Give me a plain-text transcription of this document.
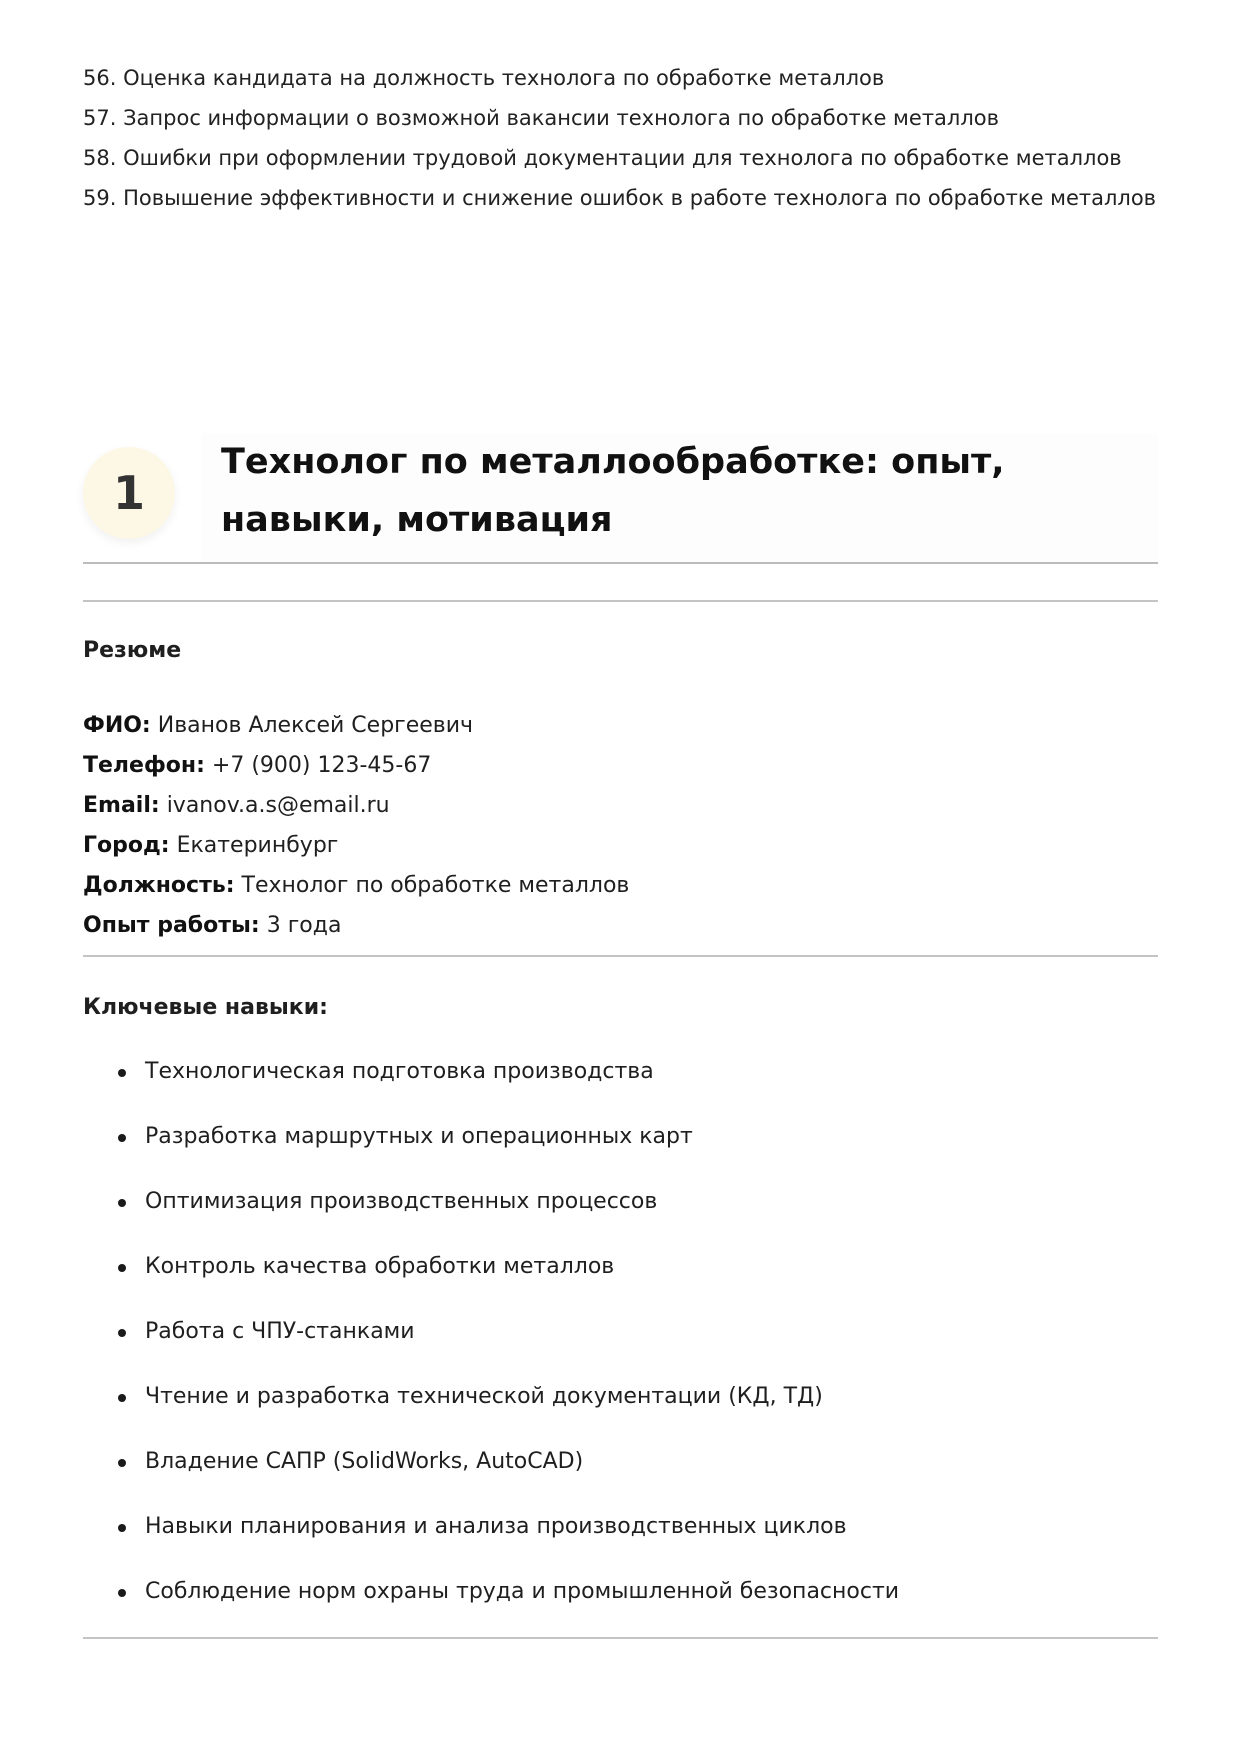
56. Оценка кандидата на должность технолога по обработке металлов
57. Запрос информации о возможной вакансии технолога по обработке металлов
58. Ошибки при оформлении трудовой документации для технолога по обработке металлов
59. Повышение эффективности и снижение ошибок в работе технолога по обработке металлов
1
Технолог по металлообработке: опыт, навыки, мотивация

Резюме

ФИО: Иванов Алексей Сергеевич
Телефон: +7 (900) 123-45-67
Email: ivanov.a.s@email.ru
Город: Екатеринбург
Должность: Технолог по обработке металлов
Опыт работы: 3 года

Ключевые навыки:

Технологическая подготовка производства
Разработка маршрутных и операционных карт
Оптимизация производственных процессов
Контроль качества обработки металлов
Работа с ЧПУ-станками
Чтение и разработка технической документации (КД, ТД)
Владение САПР (SolidWorks, AutoCAD)
Навыки планирования и анализа производственных циклов
Соблюдение норм охраны труда и промышленной безопасности
